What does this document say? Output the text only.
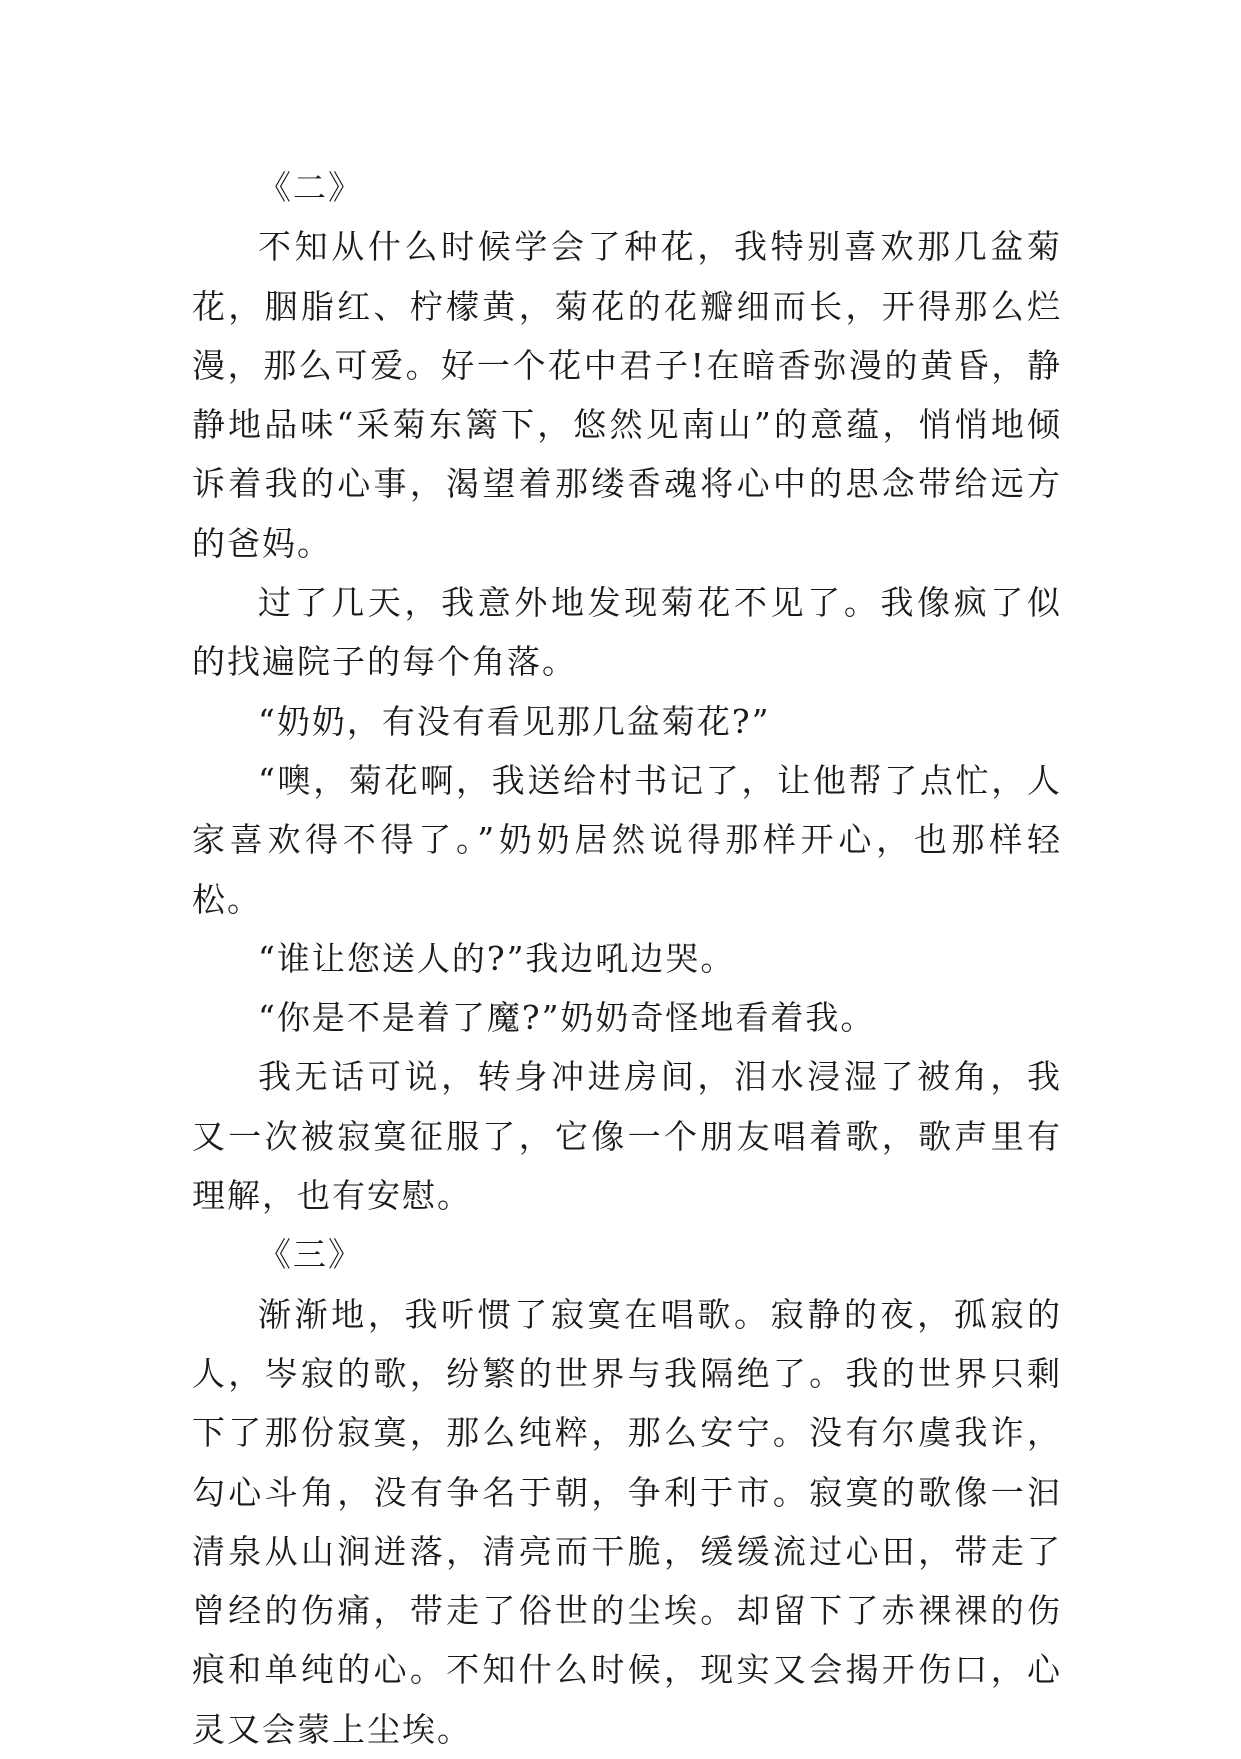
《二》

不知从什么时候学会了种花，我特别喜欢那几盆菊花，胭脂红、柠檬黄，菊花的花瓣细而长，开得那么烂漫，那么可爱。好一个花中君子!在暗香弥漫的黄昏，静静地品味“采菊东篱下，悠然见南山”的意蕴，悄悄地倾诉着我的心事，渴望着那缕香魂将心中的思念带给远方的爸妈。

过了几天，我意外地发现菊花不见了。我像疯了似的找遍院子的每个角落。

“奶奶，有没有看见那几盆菊花?”

“噢，菊花啊，我送给村书记了，让他帮了点忙，人家喜欢得不得了。”奶奶居然说得那样开心，也那样轻松。

“谁让您送人的?”我边吼边哭。

“你是不是着了魔?”奶奶奇怪地看着我。

我无话可说，转身冲进房间，泪水浸湿了被角，我又一次被寂寞征服了，它像一个朋友唱着歌，歌声里有理解，也有安慰。

《三》

渐渐地，我听惯了寂寞在唱歌。寂静的夜，孤寂的人，岑寂的歌，纷繁的世界与我隔绝了。我的世界只剩下了那份寂寞，那么纯粹，那么安宁。没有尔虞我诈，勾心斗角，没有争名于朝，争利于市。寂寞的歌像一汩清泉从山涧迸落，清亮而干脆，缓缓流过心田，带走了曾经的伤痛，带走了俗世的尘埃。却留下了赤裸裸的伤痕和单纯的心。不知什么时候，现实又会揭开伤口，心灵又会蒙上尘埃。
